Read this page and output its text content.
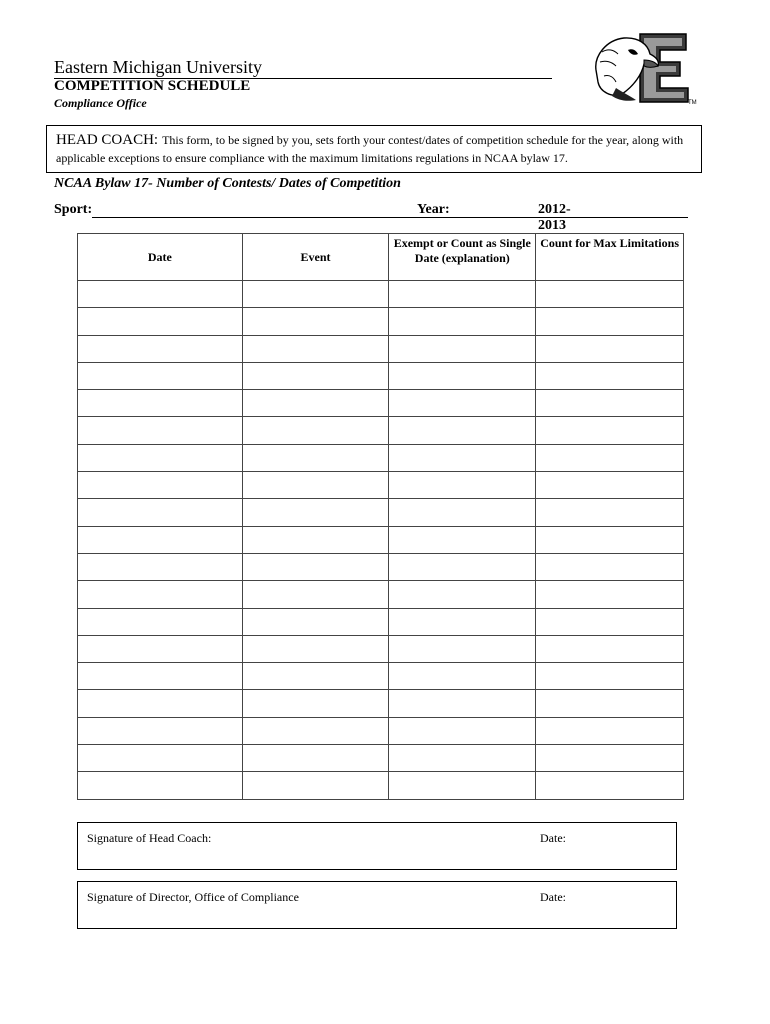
Eastern Michigan University
COMPETITION SCHEDULE
Compliance Office	TM
HEAD COACH: This form, to be signed by you, sets forth your contest/dates of competition schedule for the year, along with applicable exceptions to ensure compliance with the maximum limitations regulations in NCAA bylaw 17.
NCAA Bylaw 17- Number of Contests/ Dates of Competition
Sport:	Year:	2012-2013
Date	Event	Exempt or Count as Single Date (explanation)	Count for Max Limitations

Signature of Head Coach:	Date:
Signature of Director, Office of Compliance	Date:
